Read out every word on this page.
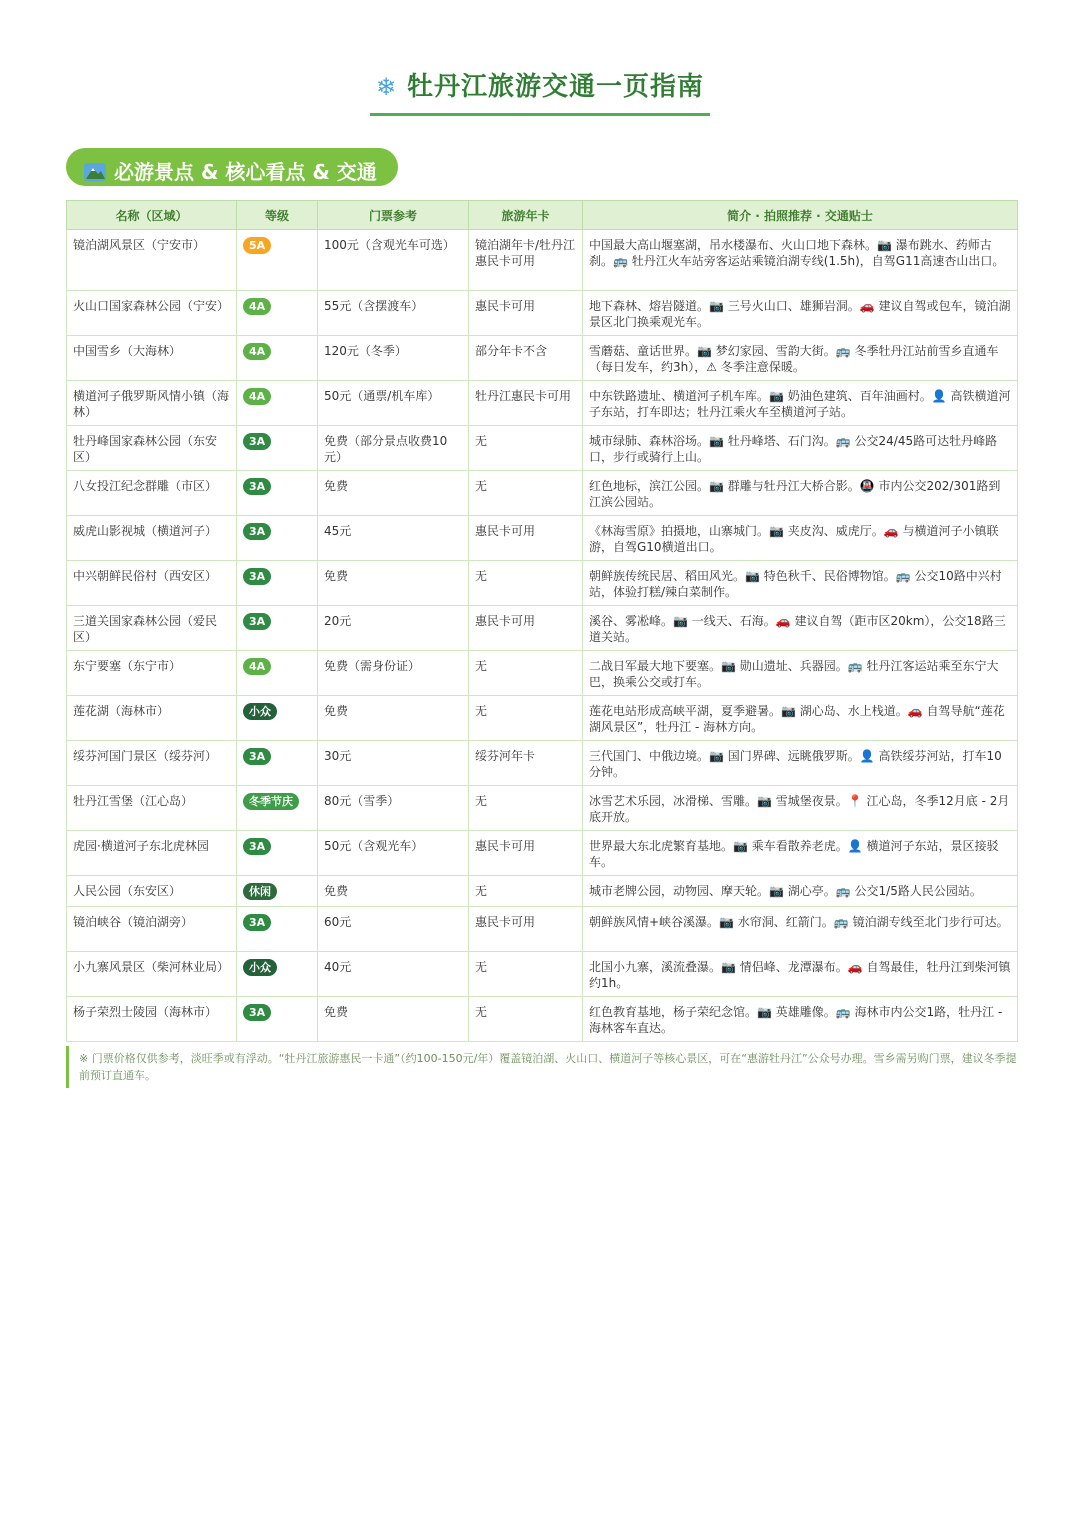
❄ 牡丹江旅游交通一页指南
必游景点 & 核心看点 & 交通
名称（区域）	等级	门票参考	旅游年卡	简介 · 拍照推荐 · 交通贴士
镜泊湖风景区（宁安市）	5A	100元（含观光车可选）	镜泊湖年卡/牡丹江惠民卡可用	中国最大高山堰塞湖，吊水楼瀑布、火山口地下森林。📷 瀑布跳水、药师古刹。🚌 牡丹江火车站旁客运站乘镜泊湖专线(1.5h)，自驾G11高速杏山出口。
火山口国家森林公园（宁安）	4A	55元（含摆渡车）	惠民卡可用	地下森林、熔岩隧道。📷 三号火山口、雄狮岩洞。🚗 建议自驾或包车，镜泊湖景区北门换乘观光车。
中国雪乡（大海林）	4A	120元（冬季）	部分年卡不含	雪蘑菇、童话世界。📷 梦幻家园、雪韵大街。🚌 冬季牡丹江站前雪乡直通车（每日发车，约3h），⚠ 冬季注意保暖。
横道河子俄罗斯风情小镇（海林）	4A	50元（通票/机车库）	牡丹江惠民卡可用	中东铁路遗址、横道河子机车库。📷 奶油色建筑、百年油画村。👤 高铁横道河子东站，打车即达；牡丹江乘火车至横道河子站。
牡丹峰国家森林公园（东安区）	3A	免费（部分景点收费10元）	无	城市绿肺、森林浴场。📷 牡丹峰塔、石门沟。🚌 公交24/45路可达牡丹峰路口，步行或骑行上山。
八女投江纪念群雕（市区）	3A	免费	无	红色地标，滨江公园。📷 群雕与牡丹江大桥合影。🚇 市内公交202/301路到江滨公园站。
威虎山影视城（横道河子）	3A	45元	惠民卡可用	《林海雪原》拍摄地，山寨城门。📷 夹皮沟、威虎厅。🚗 与横道河子小镇联游，自驾G10横道出口。
中兴朝鲜民俗村（西安区）	3A	免费	无	朝鲜族传统民居、稻田风光。📷 特色秋千、民俗博物馆。🚌 公交10路中兴村站，体验打糕/辣白菜制作。
三道关国家森林公园（爱民区）	3A	20元	惠民卡可用	溪谷、雾凇峰。📷 一线天、石海。🚗 建议自驾（距市区20km），公交18路三道关站。
东宁要塞（东宁市）	4A	免费（需身份证）	无	二战日军最大地下要塞。📷 勋山遗址、兵器园。🚌 牡丹江客运站乘至东宁大巴，换乘公交或打车。
莲花湖（海林市）	小众	免费	无	莲花电站形成高峡平湖，夏季避暑。📷 湖心岛、水上栈道。🚗 自驾导航“莲花湖风景区”，牡丹江 - 海林方向。
绥芬河国门景区（绥芬河）	3A	30元	绥芬河年卡	三代国门、中俄边境。📷 国门界碑、远眺俄罗斯。👤 高铁绥芬河站，打车10分钟。
牡丹江雪堡（江心岛）	冬季节庆	80元（雪季）	无	冰雪艺术乐园，冰滑梯、雪雕。📷 雪城堡夜景。📍 江心岛，冬季12月底 - 2月底开放。
虎园·横道河子东北虎林园	3A	50元（含观光车）	惠民卡可用	世界最大东北虎繁育基地。📷 乘车看散养老虎。👤 横道河子东站，景区接驳车。
人民公园（东安区）	休闲	免费	无	城市老牌公园，动物园、摩天轮。📷 湖心亭。🚌 公交1/5路人民公园站。
镜泊峡谷（镜泊湖旁）	3A	60元	惠民卡可用	朝鲜族风情+峡谷溪瀑。📷 水帘洞、红箭门。🚌 镜泊湖专线至北门步行可达。
小九寨风景区（柴河林业局）	小众	40元	无	北国小九寨，溪流叠瀑。📷 情侣峰、龙潭瀑布。🚗 自驾最佳，牡丹江到柴河镇约1h。
杨子荣烈士陵园（海林市）	3A	免费	无	红色教育基地，杨子荣纪念馆。📷 英雄雕像。🚌 海林市内公交1路，牡丹江 - 海林客车直达。
※ 门票价格仅供参考，淡旺季或有浮动。“牡丹江旅游惠民一卡通”（约100-150元/年）覆盖镜泊湖、火山口、横道河子等核心景区，可在“惠游牡丹江”公众号办理。雪乡需另购门票，建议冬季提前预订直通车。
